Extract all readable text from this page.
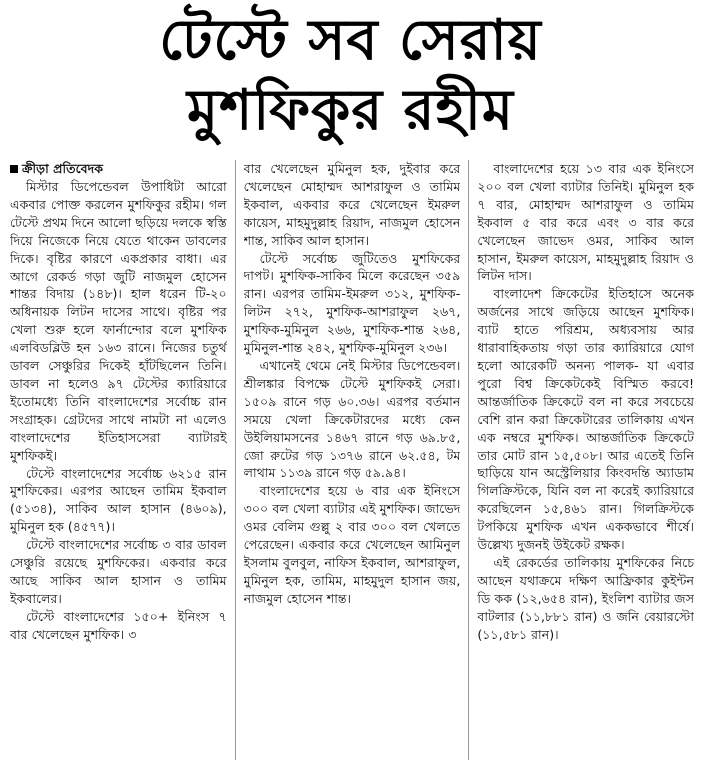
টেস্টে সব সেরায়
মুশফিকুর রহীম
ক্রীড়া প্রতিবেদক

মিস্টার ডিপেন্ডেবল উপাধিটা আরো একবার পোক্ত করলেন মুশফিকুর রহীম। গল টেস্টে প্রথম দিনে আলো ছড়িয়ে দলকে স্বস্তি দিয়ে নিজেকে নিয়ে যেতে থাকেন ডাবলের দিকে। বৃষ্টির কারণে একপ্রকার বাধা। এর আগে রেকর্ড গড়া জুটি নাজমুল হোসেন শান্তর বিদায় (১৪৮)। হাল ধরেন টি-২০ অধিনায়ক লিটন দাসের সাথে। বৃষ্টির পর খেলা শুরু হলে ফার্নান্দোর বলে মুশফিক এলবিডব্লিউ হন ১৬৩ রানে। নিজের চতুর্থ ডাবল সেঞ্চুরির দিকেই হাঁটছিলেন তিনি। ডাবল না হলেও ৯৭ টেস্টের ক্যারিয়ারে ইতোমধ্যে তিনি বাংলাদেশের সর্বোচ্চ রান সংগ্রাহক। গ্রেটদের সাথে নামটা না এলেও বাংলাদেশের ইতিহাসসেরা ব্যাটারই মুশফিকই।

টেস্টে বাংলাদেশের সর্বোচ্চ ৬২১৫ রান মুশফিকের। এরপর আছেন তামিম ইকবাল (৫১৩৪), সাকিব আল হাসান (৪৬০৯), মুমিনুল হক (৪৫৭৭)।

টেস্টে বাংলাদেশের সর্বোচ্চ ৩ বার ডাবল সেঞ্চুরি রয়েছে মুশফিকের। একবার করে আছে সাকিব আল হাসান ও তামিম ইকবালের।

টেস্টে বাংলাদেশের ১৫০+ ইনিংস ৭ বার খেলেছেন মুশফিক। ৩

বার খেলেছেন মুমিনুল হক, দুইবার করে খেলেছেন মোহাম্মদ আশরাফুল ও তামিম ইকবাল, একবার করে খেলেছেন ইমরুল কায়েস, মাহমুদুল্লাহ রিয়াদ, নাজমুল হোসেন শান্ত, সাকিব আল হাসান।

টেস্টে সর্বোচ্চ জুটিতেও মুশফিকের দাপট। মুশফিক-সাকিব মিলে করেছেন ৩৫৯ রান। এরপর তামিম-ইমরুল ৩১২, মুশফিক-লিটন ২৭২, মুশফিক-আশরাফুল ২৬৭, মুশফিক-মুমিনুল ২৬৬, মুশফিক-শান্ত ২৬৪, মুমিনুল-শান্ত ২৪২, মুশফিক-মুমিনুল ২৩৬।

এখানেই থেমে নেই মিস্টার ডিপেন্ডেবল। শ্রীলঙ্কার বিপক্ষে টেস্টে মুশফিকই সেরা। ১৫০৯ রানে গড় ৬০.৩৬। এরপর বর্তমান সময়ে খেলা ক্রিকেটারদের মধ্যে কেন উইলিয়ামসনের ১৪৬৭ রানে গড় ৬৯.৮৫, জো রুটের গড় ১৩৭৬ রানে ৬২.৫৪, টম লাথাম ১১৩৯ রানে গড় ৫৯.৯৪।

বাংলাদেশের হয়ে ৬ বার এক ইনিংসে ৩০০ বল খেলা ব্যাটার এই মুশফিক। জাভেদ ওমর বেলিম গুল্লু ২ বার ৩০০ বল খেলতে পেরেছেন। একবার করে খেলেছেন আমিনুল ইসলাম বুলবুল, নাফিস ইকবাল, আশরাফুল, মুমিনুল হক, তামিম, মাহমুদুল হাসান জয়, নাজমুল হোসেন শান্ত।

বাংলাদেশের হয়ে ১৩ বার এক ইনিংসে ২০০ বল খেলা ব্যাটার তিনিই। মুমিনুল হক ৭ বার, মোহাম্মদ আশরাফুল ও তামিম ইকবাল ৫ বার করে এবং ৩ বার করে খেলেছেন জাভেদ ওমর, সাকিব আল হাসান, ইমরুল কায়েস, মাহমুদুল্লাহ রিয়াদ ও লিটন দাস।

বাংলাদেশ ক্রিকেটের ইতিহাসে অনেক অর্জনের সাথে জড়িয়ে আছেন মুশফিক। ব্যাট হাতে পরিশ্রম, অধ্যবসায় আর ধারাবাহিকতায় গড়া তার ক্যারিয়ারে যোগ হলো আরেকটি অনন্য পালক- যা এবার পুরো বিশ্ব ক্রিকেটকেই বিস্মিত করবে! আন্তর্জাতিক ক্রিকেটে বল না করে সবচেয়ে বেশি রান করা ক্রিকেটারের তালিকায় এখন এক নম্বরে মুশফিক। আন্তর্জাতিক ক্রিকেটে তার মোট রান ১৫,৫০৮। আর এতেই তিনি ছাড়িয়ে যান অস্ট্রেলিয়ার কিংবদন্তি অ্যাডাম গিলক্রিস্টকে, যিনি বল না করেই ক্যারিয়ারে করেছিলেন ১৫,৪৬১ রান। গিলক্রিস্টকে টপকিয়ে মুশফিক এখন এককভাবে শীর্ষে। উল্লেখ্য দুজনই উইকেট রক্ষক।

এই রেকর্ডের তালিকায় মুশফিকের নিচে আছেন যথাক্রমে দক্ষিণ আফ্রিকার কুইন্টন ডি কক (১২,৬৫৪ রান), ইংলিশ ব্যাটার জস বাটলার (১১,৮৮১ রান) ও জনি বেয়ারস্টো (১১,৫৮১ রান)।
